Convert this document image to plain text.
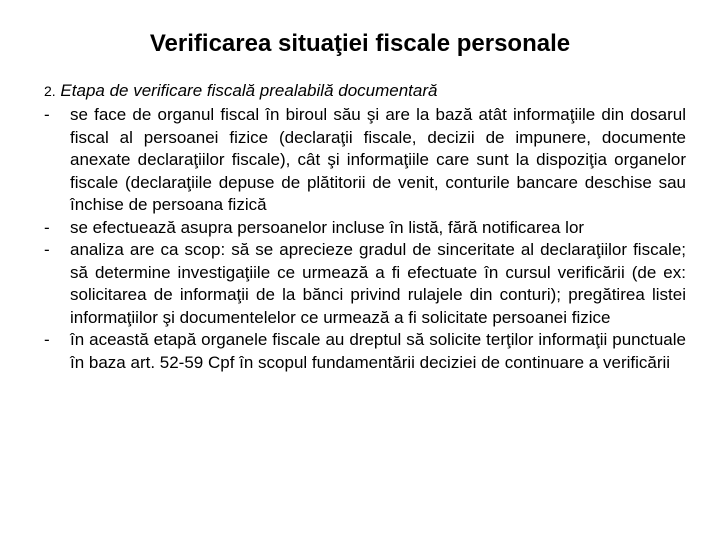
Verificarea situaţiei fiscale personale

2. Etapa de verificare fiscală prealabilă documentară

- se face de organul fiscal în biroul său şi are la bază atât informaţiile din dosarul fiscal al persoanei fizice (declaraţii fiscale, decizii de impunere, documente anexate declaraţiilor fiscale), cât şi informaţiile care sunt la dispoziţia organelor fiscale (declaraţiile depuse de plătitorii de venit, conturile bancare deschise sau închise de persoana fizică
- se efectuează asupra persoanelor incluse în listă, fără notificarea lor
- analiza are ca scop: să se aprecieze gradul de sinceritate al declaraţiilor fiscale; să determine investigaţiile ce urmează a fi efectuate în cursul verificării (de ex: solicitarea de informaţii de la bănci privind rulajele din conturi); pregătirea listei informaţiilor şi documentelelor ce urmează a fi solicitate persoanei fizice
- în această etapă organele fiscale au dreptul să solicite terţilor informaţii punctuale în baza art. 52-59 Cpf în scopul fundamentării deciziei de continuare a verificării
